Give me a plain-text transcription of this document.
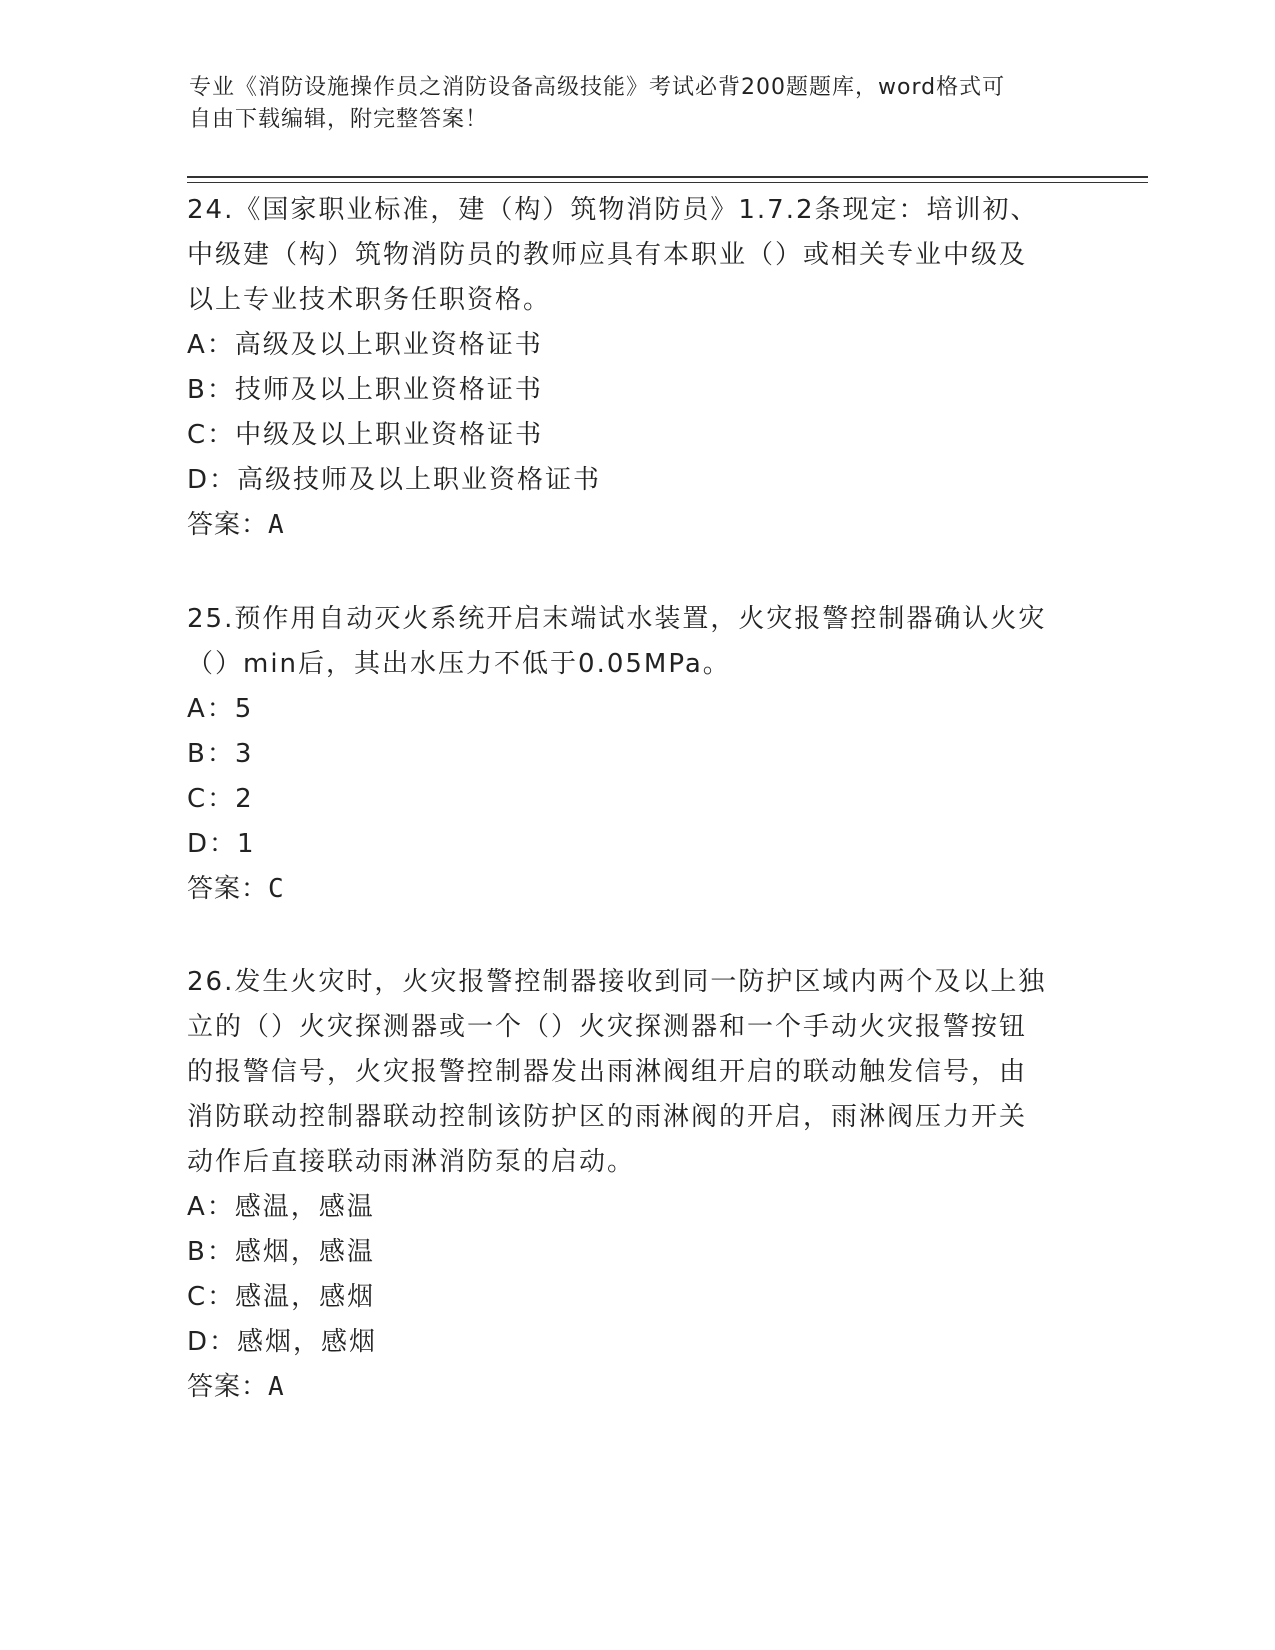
专业《消防设施操作员之消防设备高级技能》考试必背200题题库，word格式可
自由下载编辑，附完整答案！
24.《国家职业标准，建（构）筑物消防员》1.7.2条现定：培训初、
中级建（构）筑物消防员的教师应具有本职业（）或相关专业中级及
以上专业技术职务任职资格。
A：高级及以上职业资格证书
B：技师及以上职业资格证书
C：中级及以上职业资格证书
D：高级技师及以上职业资格证书
答案：A
25.预作用自动灭火系统开启末端试水装置，火灾报警控制器确认火灾
（）min后，其出水压力不低于0.05MPa。
A：5
B：3
C：2
D：1
答案：C
26.发生火灾时，火灾报警控制器接收到同一防护区域内两个及以上独
立的（）火灾探测器或一个（）火灾探测器和一个手动火灾报警按钮
的报警信号，火灾报警控制器发出雨淋阀组开启的联动触发信号，由
消防联动控制器联动控制该防护区的雨淋阀的开启，雨淋阀压力开关
动作后直接联动雨淋消防泵的启动。
A：感温，感温
B：感烟，感温
C：感温，感烟
D：感烟，感烟
答案：A
